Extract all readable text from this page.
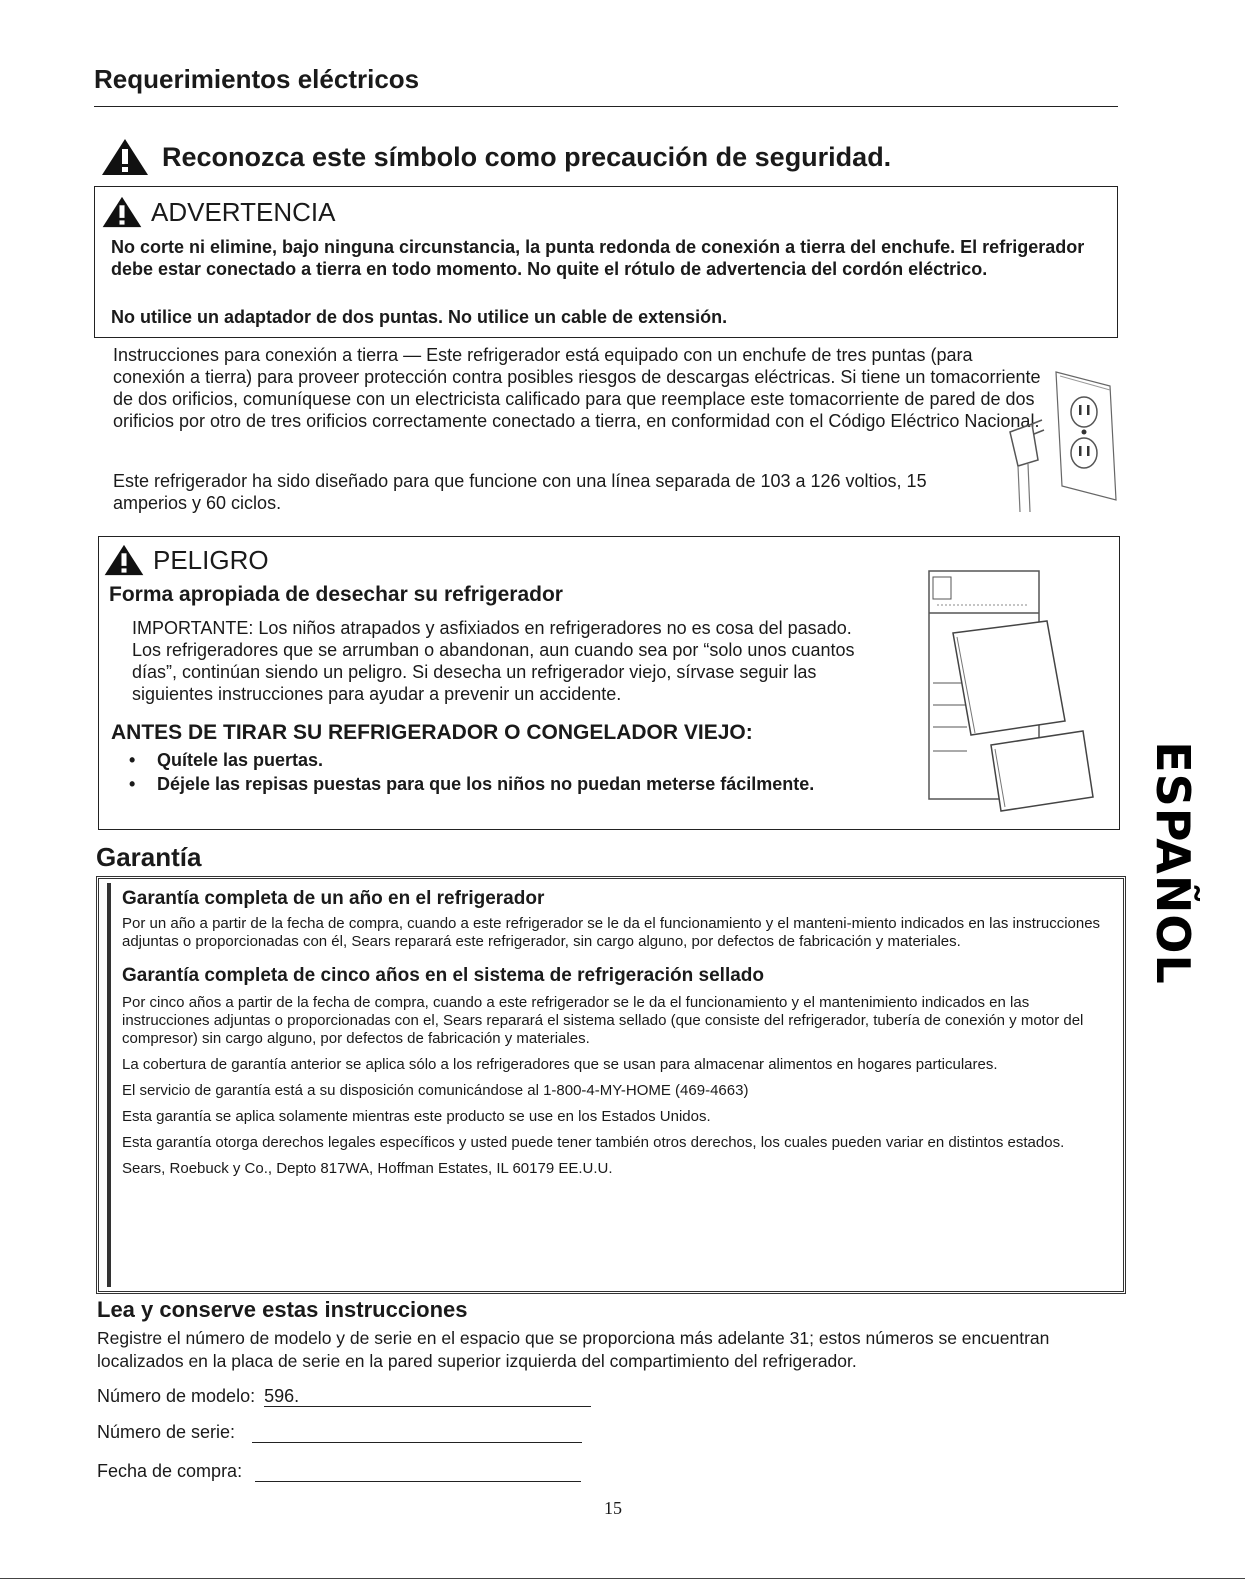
Requerimientos eléctricos
Reconozca este símbolo como precaución de seguridad.
ADVERTENCIA

No corte ni elimine, bajo ninguna circunstancia, la punta redonda de conexión a tierra del enchufe. El refrigerador debe estar conectado a tierra en todo momento. No quite el rótulo de advertencia del cordón eléctrico.

No utilice un adaptador de dos puntas. No utilice un cable de extensión.

Instrucciones para conexión a tierra — Este refrigerador está equipado con un enchufe de tres puntas (para conexión a tierra) para proveer protección contra posibles riesgos de descargas eléctricas. Si tiene un tomacorriente de dos orificios, comuníquese con un electricista calificado para que reemplace este tomacorriente de pared de dos orificios por otro de tres orificios correctamente conectado a tierra, en conformidad con el Código Eléctrico Nacional.

Este refrigerador ha sido diseñado para que funcione con una línea separada de 103 a 126 voltios, 15 amperios y 60 ciclos.

PELIGRO
Forma apropiada de desechar su refrigerador

IMPORTANTE: Los niños atrapados y asfixiados en refrigeradores no es cosa del pasado. Los refrigeradores que se arrumban o abandonan, aun cuando sea por “solo unos cuantos días”, continúan siendo un peligro. Si desecha un refrigerador viejo, sírvase seguir las siguientes instrucciones para ayudar a prevenir un accidente.

ANTES DE TIRAR SU REFRIGERADOR O CONGELADOR VIEJO:
•	Quítele las puertas.
•	Déjele las repisas puestas para que los niños no puedan meterse fácilmente.
Garantía
Garantía completa de un año en el refrigerador

Por un año a partir de la fecha de compra, cuando a este refrigerador se le da el funcionamiento y el manteni-miento indicados en las instrucciones adjuntas o proporcionadas con él, Sears reparará este refrigerador, sin cargo alguno, por defectos de fabricación y materiales.

Garantía completa de cinco años en el sistema de refrigeración sellado

Por cinco años a partir de la fecha de compra, cuando a este refrigerador se le da el funcionamiento y el mantenimiento indicados en las instrucciones adjuntas o proporcionadas con el, Sears reparará el sistema sellado (que consiste del refrigerador, tubería de conexión y motor del compresor) sin cargo alguno, por defectos de fabricación y materiales.

La cobertura de garantía anterior se aplica sólo a los refrigeradores que se usan para almacenar alimentos en hogares particulares.

El servicio de garantía está a su disposición comunicándose al 1-800-4-MY-HOME (469-4663)

Esta garantía se aplica solamente mientras este producto se use en los Estados Unidos.

Esta garantía otorga derechos legales específicos y usted puede tener también otros derechos, los cuales pueden variar en distintos estados.

Sears, Roebuck y Co., Depto 817WA, Hoffman Estates, IL 60179 EE.U.U.

Lea y conserve estas instrucciones

Registre el número de modelo y de serie en el espacio que se proporciona más adelante 31; estos números se encuentran localizados en la placa de serie en la pared superior izquierda del compartimiento del refrigerador.

Número de modelo: 596.
Número de serie:
Fecha de compra:
15
ESPAÑOL
